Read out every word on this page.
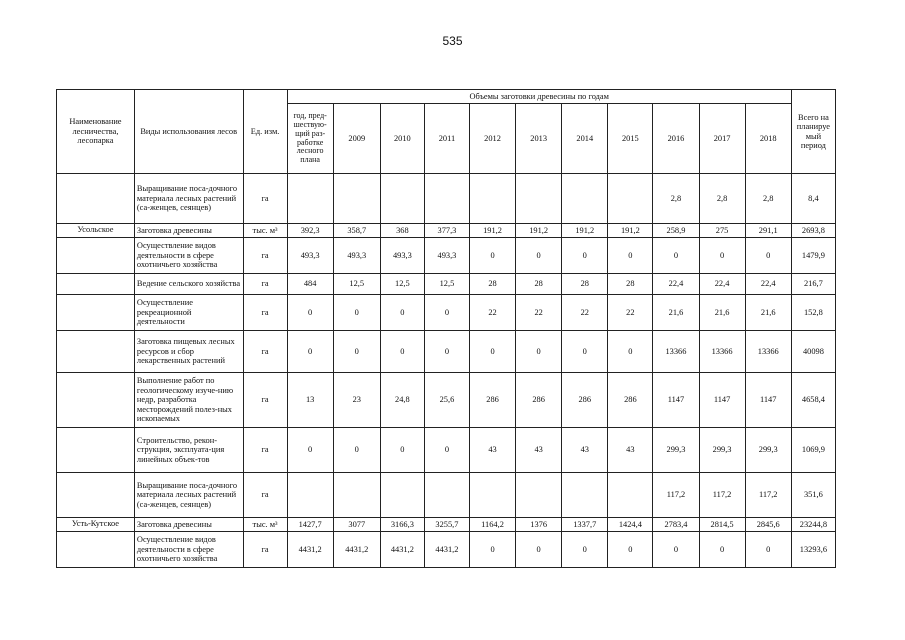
535
Наименование лесничества, лесопарка	Виды использования лесов	Ед. изм.	Объемы заготовки древесины по годам											Всего на планируе мый период
			год, пред-шествую-щий раз-работке лесного плана	2009	2010	2011	2012	2013	2014	2015	2016	2017	2018	
	Выращивание поса-дочного материала лесных растений (са-женцев, сеянцев)	га									2,8	2,8	2,8	8,4
Усольское	Заготовка древесины	тыс. м³	392,3	358,7	368	377,3	191,2	191,2	191,2	191,2	258,9	275	291,1	2693,8
	Осуществление видов деятельности в сфере охотничьего хозяйства	га	493,3	493,3	493,3	493,3	0	0	0	0	0	0	0	1479,9
	Ведение сельского хозяйства	га	484	12,5	12,5	12,5	28	28	28	28	22,4	22,4	22,4	216,7
	Осуществление рекреационной деятельности	га	0	0	0	0	22	22	22	22	21,6	21,6	21,6	152,8
	Заготовка пищевых лесных ресурсов и сбор лекарственных растений	га	0	0	0	0	0	0	0	0	13366	13366	13366	40098
	Выполнение работ по геологическому изуче-нию недр, разработка месторождений полез-ных ископаемых	га	13	23	24,8	25,6	286	286	286	286	1147	1147	1147	4658,4
	Строительство, рекон-струкция, эксплуата-ция линейных объек-тов	га	0	0	0	0	43	43	43	43	299,3	299,3	299,3	1069,9
	Выращивание поса-дочного материала лесных растений (са-женцев, сеянцев)	га									117,2	117,2	117,2	351,6
Усть-Кутское	Заготовка древесины	тыс. м³	1427,7	3077	3166,3	3255,7	1164,2	1376	1337,7	1424,4	2783,4	2814,5	2845,6	23244,8
	Осуществление видов деятельности в сфере охотничьего хозяйства	га	4431,2	4431,2	4431,2	4431,2	0	0	0	0	0	0	0	13293,6
